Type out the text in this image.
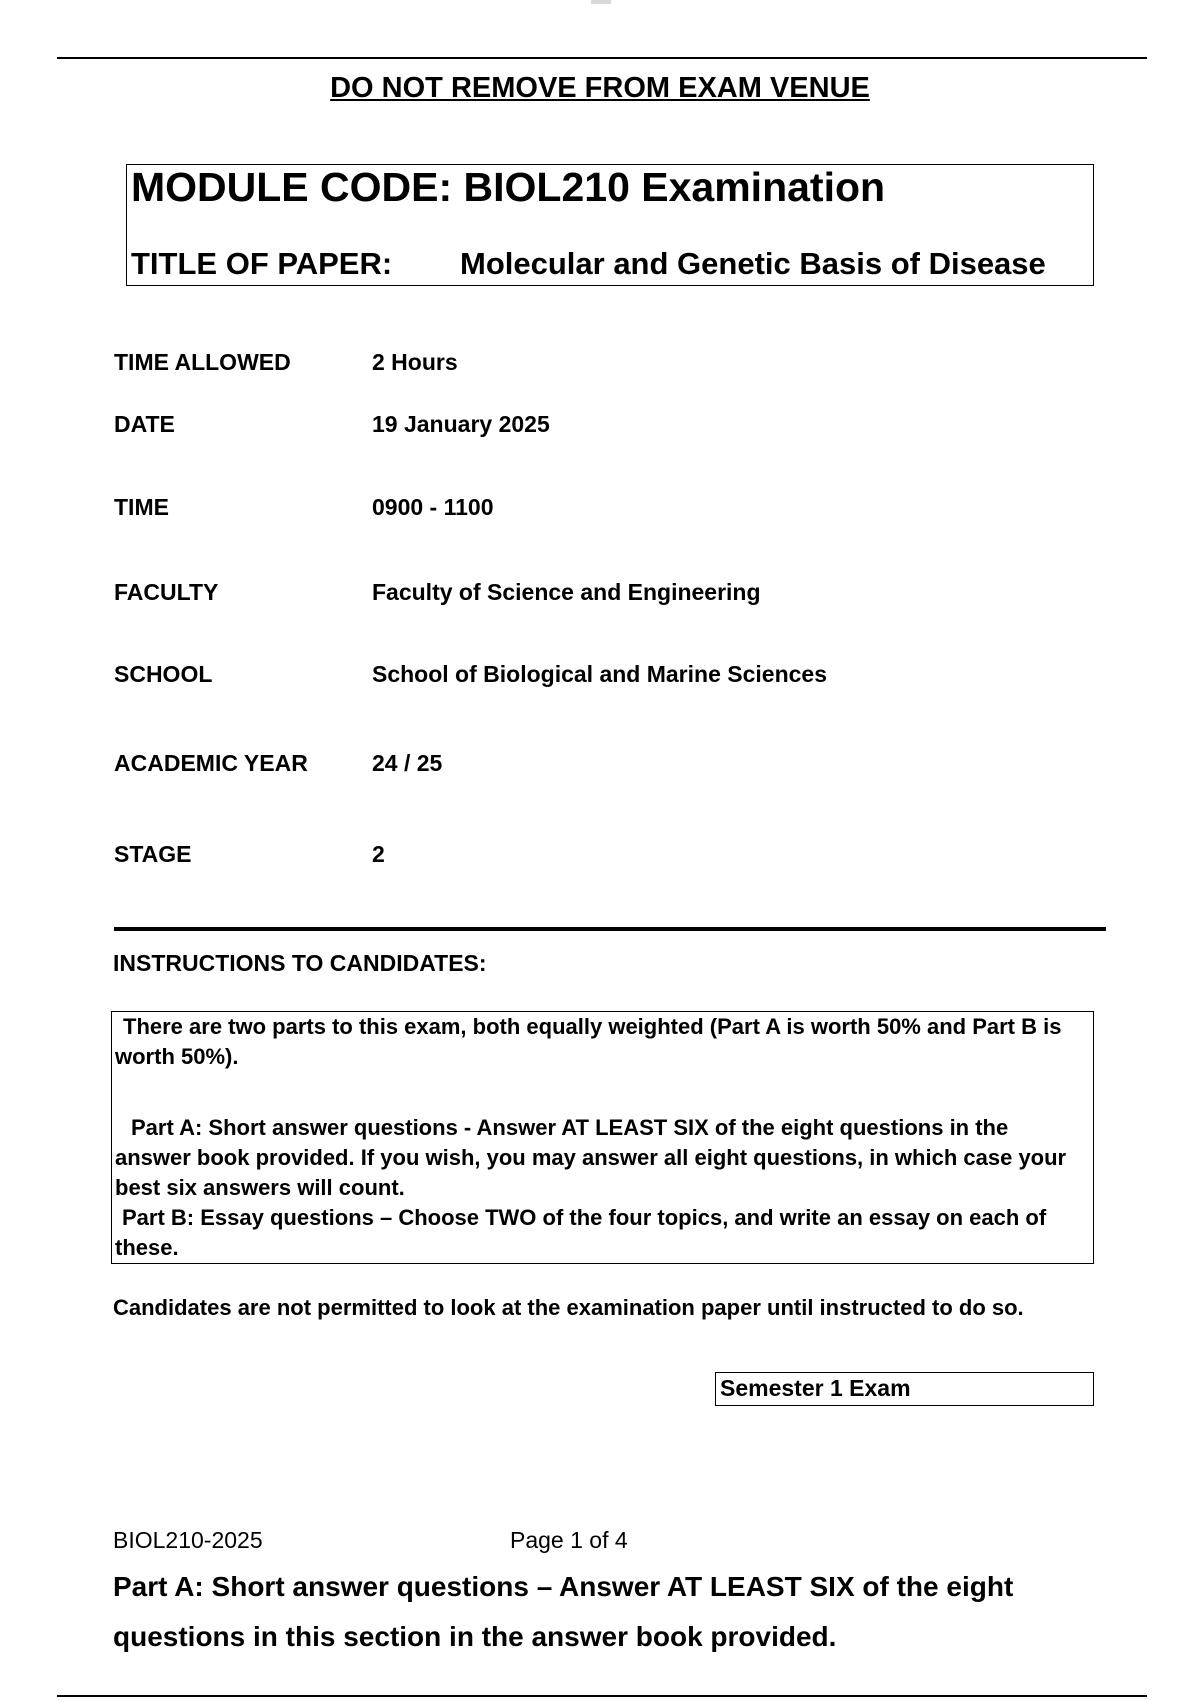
DO NOT REMOVE FROM EXAM VENUE
MODULE CODE: BIOL210 Examination
TITLE OF PAPER: Molecular and Genetic Basis of Disease
TIME ALLOWED	2 Hours
DATE	19 January 2025
TIME	0900 - 1100
FACULTY	Faculty of Science and Engineering
SCHOOL	School of Biological and Marine Sciences
ACADEMIC YEAR	24 / 25
STAGE	2
INSTRUCTIONS TO CANDIDATES:

There are two parts to this exam, both equally weighted (Part A is worth 50% and Part B is worth 50%).

Part A: Short answer questions - Answer AT LEAST SIX of the eight questions in the answer book provided. If you wish, you may answer all eight questions, in which case your best six answers will count.

Part B: Essay questions – Choose TWO of the four topics, and write an essay on each of these.

Candidates are not permitted to look at the examination paper until instructed to do so.
Semester 1 Exam
BIOL210-2025	Page 1 of 4
Part A: Short answer questions – Answer AT LEAST SIX of the eight questions in this section in the answer book provided.
